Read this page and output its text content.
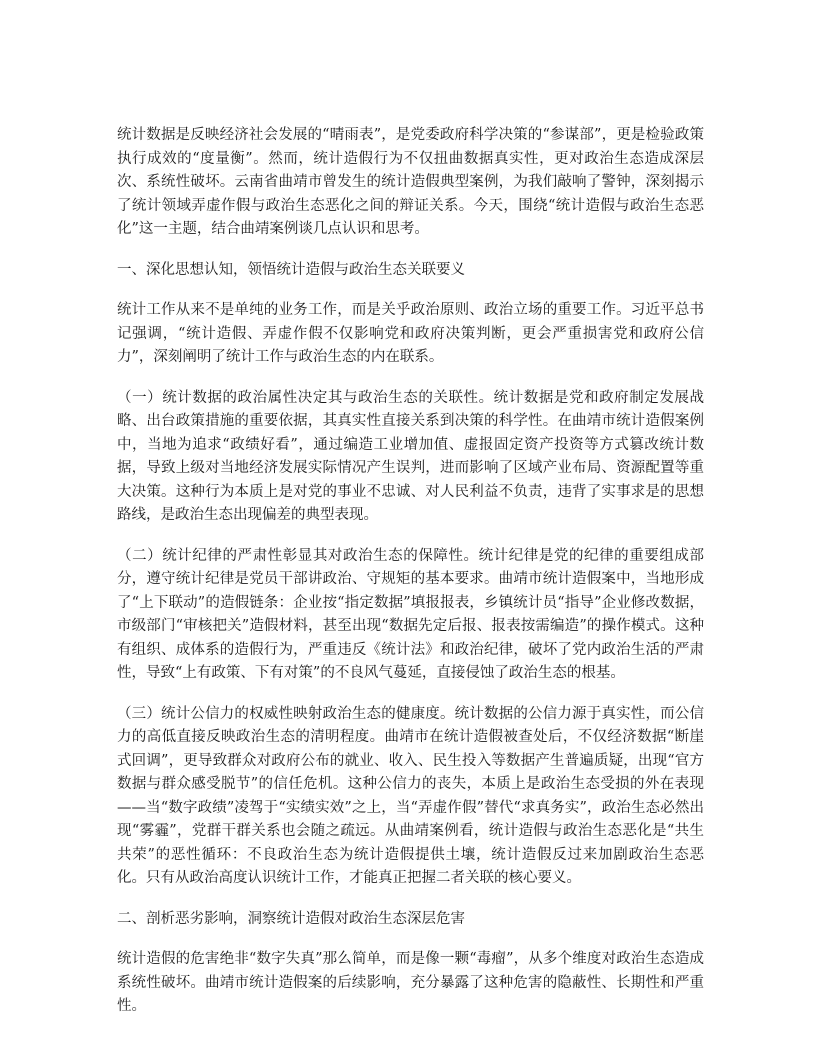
统计数据是反映经济社会发展的“晴雨表”，是党委政府科学决策的“参谋部”，更是检验政策执行成效的“度量衡”。然而，统计造假行为不仅扭曲数据真实性，更对政治生态造成深层次、系统性破坏。云南省曲靖市曾发生的统计造假典型案例，为我们敲响了警钟，深刻揭示了统计领域弄虚作假与政治生态恶化之间的辩证关系。今天，围绕“统计造假与政治生态恶化”这一主题，结合曲靖案例谈几点认识和思考。

一、深化思想认知，领悟统计造假与政治生态关联要义

统计工作从来不是单纯的业务工作，而是关乎政治原则、政治立场的重要工作。习近平总书记强调，“统计造假、弄虚作假不仅影响党和政府决策判断，更会严重损害党和政府公信力”，深刻阐明了统计工作与政治生态的内在联系。

（一）统计数据的政治属性决定其与政治生态的关联性。统计数据是党和政府制定发展战略、出台政策措施的重要依据，其真实性直接关系到决策的科学性。在曲靖市统计造假案例中，当地为追求“政绩好看”，通过编造工业增加值、虚报固定资产投资等方式篡改统计数据，导致上级对当地经济发展实际情况产生误判，进而影响了区域产业布局、资源配置等重大决策。这种行为本质上是对党的事业不忠诚、对人民利益不负责，违背了实事求是的思想路线，是政治生态出现偏差的典型表现。

（二）统计纪律的严肃性彰显其对政治生态的保障性。统计纪律是党的纪律的重要组成部分，遵守统计纪律是党员干部讲政治、守规矩的基本要求。曲靖市统计造假案中，当地形成了“上下联动”的造假链条：企业按“指定数据”填报报表，乡镇统计员“指导”企业修改数据，市级部门“审核把关”造假材料，甚至出现“数据先定后报、报表按需编造”的操作模式。这种有组织、成体系的造假行为，严重违反《统计法》和政治纪律，破坏了党内政治生活的严肃性，导致“上有政策、下有对策”的不良风气蔓延，直接侵蚀了政治生态的根基。

（三）统计公信力的权威性映射政治生态的健康度。统计数据的公信力源于真实性，而公信力的高低直接反映政治生态的清明程度。曲靖市在统计造假被查处后，不仅经济数据“断崖式回调”，更导致群众对政府公布的就业、收入、民生投入等数据产生普遍质疑，出现“官方数据与群众感受脱节”的信任危机。这种公信力的丧失，本质上是政治生态受损的外在表现——当“数字政绩”凌驾于“实绩实效”之上，当“弄虚作假”替代“求真务实”，政治生态必然出现“雾霾”，党群干群关系也会随之疏远。从曲靖案例看，统计造假与政治生态恶化是“共生共荣”的恶性循环：不良政治生态为统计造假提供土壤，统计造假反过来加剧政治生态恶化。只有从政治高度认识统计工作，才能真正把握二者关联的核心要义。

二、剖析恶劣影响，洞察统计造假对政治生态深层危害

统计造假的危害绝非“数字失真”那么简单，而是像一颗“毒瘤”，从多个维度对政治生态造成系统性破坏。曲靖市统计造假案的后续影响，充分暴露了这种危害的隐蔽性、长期性和严重性。
